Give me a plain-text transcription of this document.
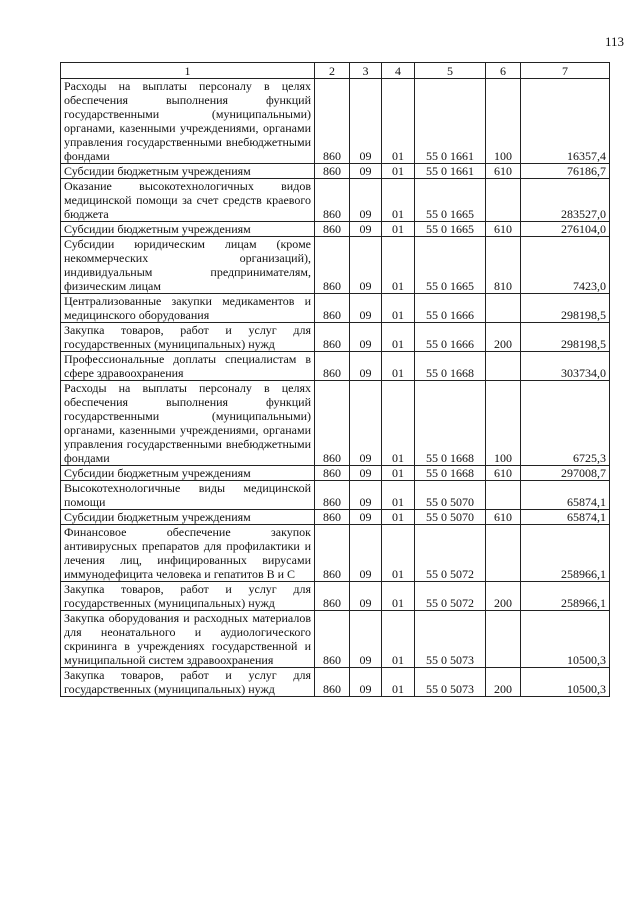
113
1	2	3	4	5	6	7
Расходы на выплаты персоналу в целях обеспечения выполнения функций государственными (муниципальными) органами, казенными учреждениями, органами управления государственными внебюджетными фондами	860	09	01	55 0 1661	100	16357,4
Субсидии бюджетным учреждениям	860	09	01	55 0 1661	610	76186,7
Оказание высокотехнологичных видов медицинской помощи за счет средств краевого бюджета	860	09	01	55 0 1665		283527,0
Субсидии бюджетным учреждениям	860	09	01	55 0 1665	610	276104,0
Субсидии юридическим лицам (кроме некоммерческих организаций), индивидуальным предпринимателям, физическим лицам	860	09	01	55 0 1665	810	7423,0
Централизованные закупки медикаментов и медицинского оборудования	860	09	01	55 0 1666		298198,5
Закупка товаров, работ и услуг для государственных (муниципальных) нужд	860	09	01	55 0 1666	200	298198,5
Профессиональные доплаты специалистам в сфере здравоохранения	860	09	01	55 0 1668		303734,0
Расходы на выплаты персоналу в целях обеспечения выполнения функций государственными (муниципальными) органами, казенными учреждениями, органами управления государственными внебюджетными фондами	860	09	01	55 0 1668	100	6725,3
Субсидии бюджетным учреждениям	860	09	01	55 0 1668	610	297008,7
Высокотехнологичные виды медицинской помощи	860	09	01	55 0 5070		65874,1
Субсидии бюджетным учреждениям	860	09	01	55 0 5070	610	65874,1
Финансовое обеспечение закупок антивирусных препаратов для профилактики и лечения лиц, инфицированных вирусами иммунодефицита человека и гепатитов В и С	860	09	01	55 0 5072		258966,1
Закупка товаров, работ и услуг для государственных (муниципальных) нужд	860	09	01	55 0 5072	200	258966,1
Закупка оборудования и расходных материалов для неонатального и аудиологического скрининга в учреждениях государственной и муниципальной систем здравоохранения	860	09	01	55 0 5073		10500,3
Закупка товаров, работ и услуг для государственных (муниципальных) нужд	860	09	01	55 0 5073	200	10500,3
